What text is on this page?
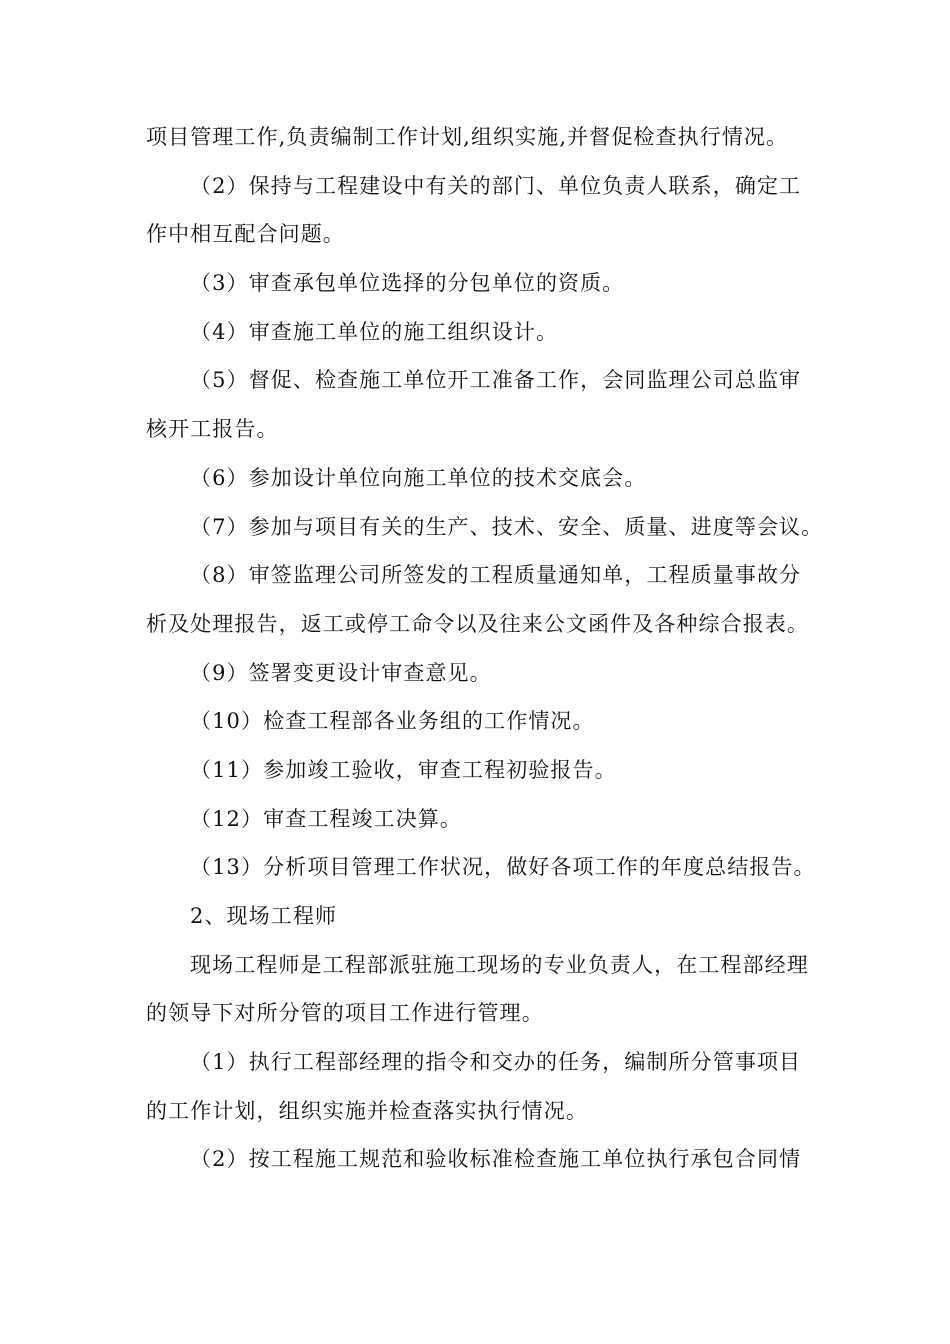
项目管理工作,负责编制工作计划,组织实施,并督促检查执行情况。
（2）保持与工程建设中有关的部门、单位负责人联系，确定工
作中相互配合问题。
（3）审查承包单位选择的分包单位的资质。
（4）审查施工单位的施工组织设计。
（5）督促、检查施工单位开工准备工作，会同监理公司总监审
核开工报告。
（6）参加设计单位向施工单位的技术交底会。
（7）参加与项目有关的生产、技术、安全、质量、进度等会议。
（8）审签监理公司所签发的工程质量通知单，工程质量事故分
析及处理报告，返工或停工命令以及往来公文函件及各种综合报表。
（9）签署变更设计审查意见。
（10）检查工程部各业务组的工作情况。
（11）参加竣工验收，审查工程初验报告。
（12）审查工程竣工决算。
（13）分析项目管理工作状况，做好各项工作的年度总结报告。
2、现场工程师
现场工程师是工程部派驻施工现场的专业负责人，在工程部经理
的领导下对所分管的项目工作进行管理。
（1）执行工程部经理的指令和交办的任务，编制所分管事项目
的工作计划，组织实施并检查落实执行情况。
（2）按工程施工规范和验收标准检查施工单位执行承包合同情
